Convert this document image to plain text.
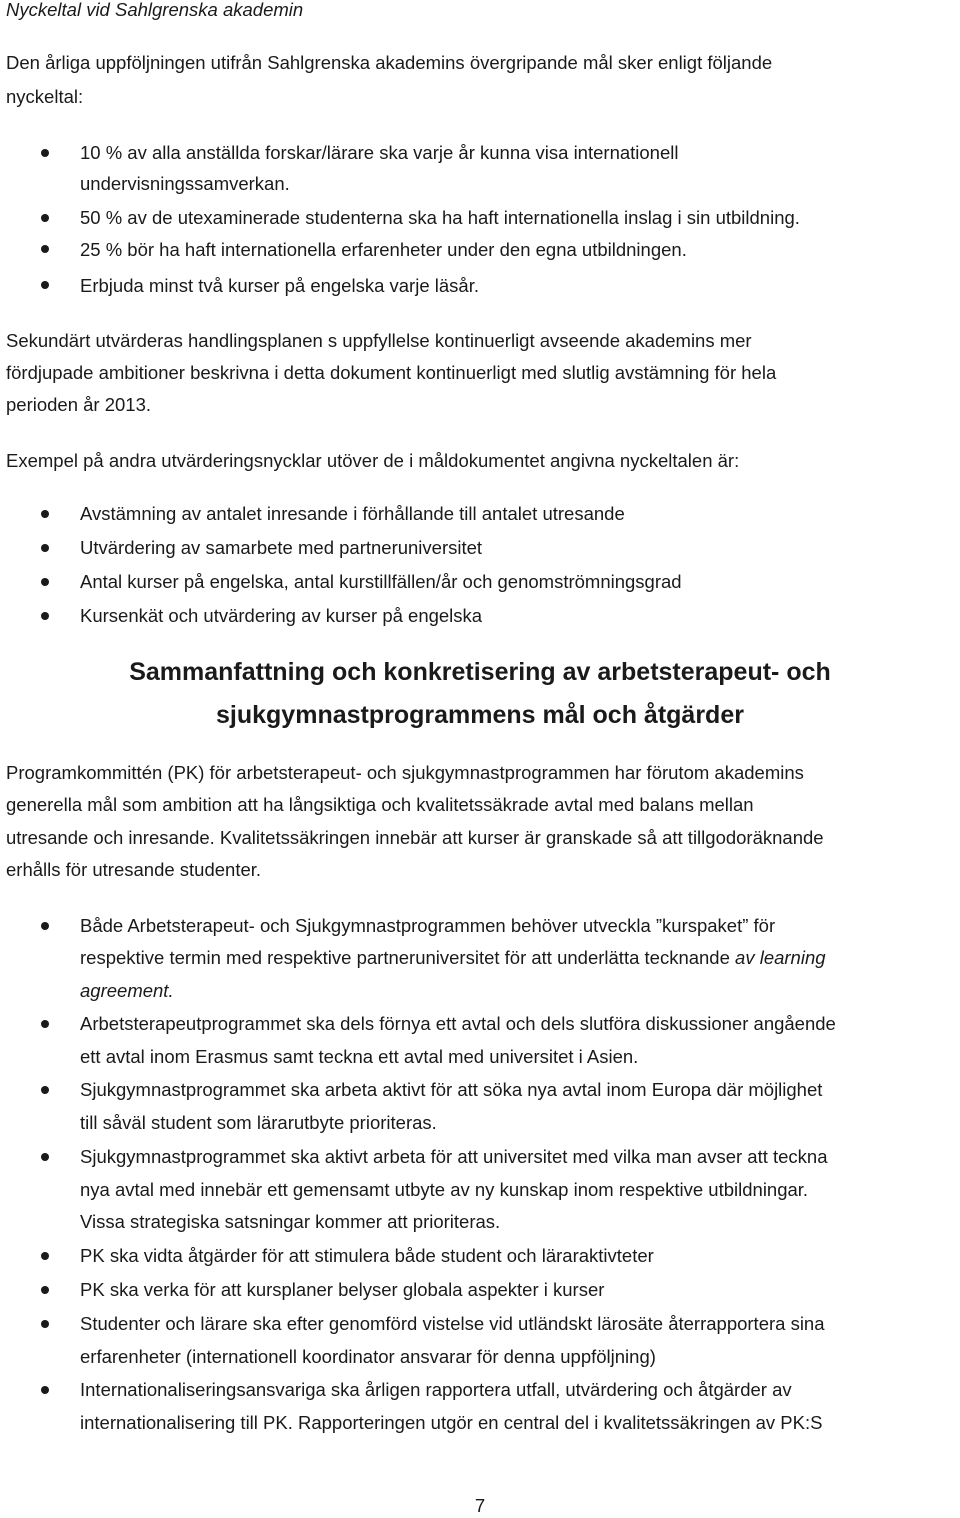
Nyckeltal vid Sahlgrenska akademin

Den årliga uppföljningen utifrån Sahlgrenska akademins övergripande mål sker enligt följande

nyckeltal:

10 % av alla anställda forskar/lärare ska varje år kunna visa internationell

undervisningssamverkan.

50 % av de utexaminerade studenterna ska ha haft internationella inslag i sin utbildning.

25 % bör ha haft internationella erfarenheter under den egna utbildningen.

Erbjuda minst två kurser på engelska varje läsår.

Sekundärt utvärderas handlingsplanen s uppfyllelse kontinuerligt avseende akademins mer

fördjupade ambitioner beskrivna i detta dokument kontinuerligt med slutlig avstämning för hela

perioden år 2013.

Exempel på andra utvärderingsnycklar utöver de i måldokumentet angivna nyckeltalen är:

Avstämning av antalet inresande i förhållande till antalet utresande

Utvärdering av samarbete med partneruniversitet

Antal kurser på engelska, antal kurstillfällen/år och genomströmningsgrad

Kursenkät och utvärdering av kurser på engelska

Sammanfattning och konkretisering av arbetsterapeut- och

sjukgymnastprogrammens mål och åtgärder

Programkommittén (PK) för arbetsterapeut- och sjukgymnastprogrammen har förutom akademins

generella mål som ambition att ha långsiktiga och kvalitetssäkrade avtal med balans mellan

utresande och inresande. Kvalitetssäkringen innebär att kurser är granskade så att tillgodoräknande

erhålls för utresande studenter.

Både Arbetsterapeut- och Sjukgymnastprogrammen behöver utveckla ”kurspaket” för

respektive termin med respektive partneruniversitet för att underlätta tecknande av learning

agreement.

Arbetsterapeutprogrammet ska dels förnya ett avtal och dels slutföra diskussioner angående

ett avtal inom Erasmus samt teckna ett avtal med universitet i Asien.

Sjukgymnastprogrammet ska arbeta aktivt för att söka nya avtal inom Europa där möjlighet

till såväl student som lärarutbyte prioriteras.

Sjukgymnastprogrammet ska aktivt arbeta för att universitet med vilka man avser att teckna

nya avtal med innebär ett gemensamt utbyte av ny kunskap inom respektive utbildningar.

Vissa strategiska satsningar kommer att prioriteras.

PK ska vidta åtgärder för att stimulera både student och läraraktivteter

PK ska verka för att kursplaner belyser globala aspekter i kurser

Studenter och lärare ska efter genomförd vistelse vid utländskt lärosäte återrapportera sina

erfarenheter (internationell koordinator ansvarar för denna uppföljning)

Internationaliseringsansvariga ska årligen rapportera utfall, utvärdering och åtgärder av

internationalisering till PK. Rapporteringen utgör en central del i kvalitetssäkringen av PK:S

7
